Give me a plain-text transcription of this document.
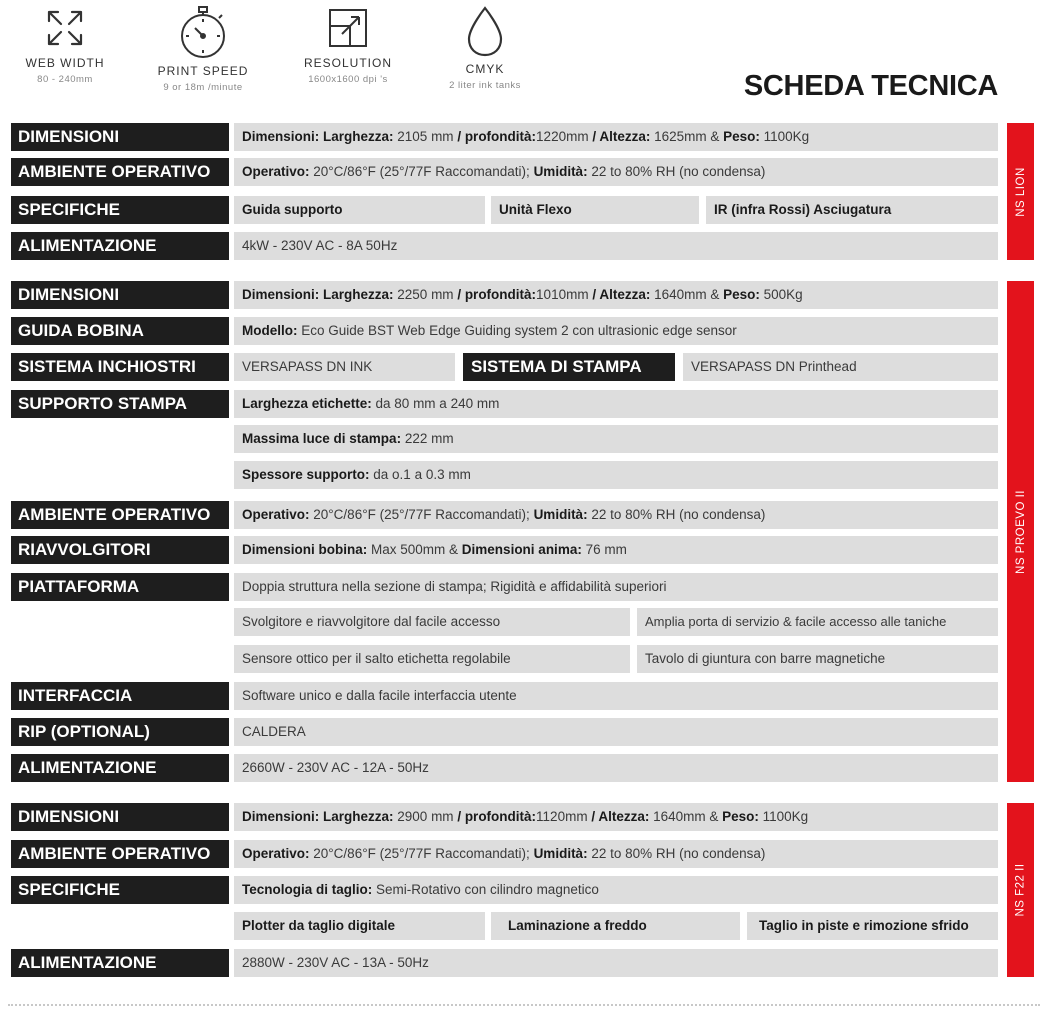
WEB WIDTH
80 - 240mm
PRINT SPEED
9 or 18m /minute
RESOLUTION
1600x1600 dpi 's
CMYK
2 liter ink tanks	SCHEDA TECNICA
DIMENSIONI	Dimensioni: Larghezza: 2105 mm / profondità:1220mm / Altezza: 1625mm & Peso: 1100Kg
AMBIENTE OPERATIVO	Operativo: 20°C/86°F (25°/77F Raccomandati); Umidità: 22 to 80% RH (no condensa)
SPECIFICHE	Guida supporto	Unità Flexo	IR (infra Rossi) Asciugatura
ALIMENTAZIONE	4kW - 230V AC - 8A 50Hz
NS LION
DIMENSIONI	Dimensioni: Larghezza: 2250 mm / profondità:1010mm / Altezza: 1640mm & Peso: 500Kg
GUIDA BOBINA	Modello: Eco Guide BST Web Edge Guiding system 2 con ultrasionic edge sensor
SISTEMA INCHIOSTRI	VERSAPASS DN INK	SISTEMA DI STAMPA	VERSAPASS DN Printhead
SUPPORTO STAMPA	Larghezza etichette: da 80 mm a 240 mm
Massima luce di stampa: 222 mm
Spessore supporto: da o.1 a 0.3 mm
AMBIENTE OPERATIVO	Operativo: 20°C/86°F (25°/77F Raccomandati); Umidità: 22 to 80% RH (no condensa)
RIAVVOLGITORI	Dimensioni bobina: Max 500mm & Dimensioni anima: 76 mm
PIATTAFORMA	Doppia struttura nella sezione di stampa; Rigidità e affidabilità superiori
Svolgitore e riavvolgitore dal facile accesso	Amplia porta di servizio & facile accesso alle taniche
Sensore ottico per il salto etichetta regolabile	Tavolo di giuntura con barre magnetiche
INTERFACCIA	Software unico e dalla facile interfaccia utente
RIP (OPTIONAL)	CALDERA
ALIMENTAZIONE	2660W - 230V AC - 12A - 50Hz
NS PROEVO II
DIMENSIONI	Dimensioni: Larghezza: 2900 mm / profondità:1120mm / Altezza: 1640mm & Peso: 1100Kg
AMBIENTE OPERATIVO	Operativo: 20°C/86°F (25°/77F Raccomandati); Umidità: 22 to 80% RH (no condensa)
SPECIFICHE	Tecnologia di taglio: Semi-Rotativo con cilindro magnetico
Plotter da taglio digitale	Laminazione a freddo	Taglio in piste e rimozione sfrido
ALIMENTAZIONE	2880W - 230V AC - 13A - 50Hz
NS F22 II
